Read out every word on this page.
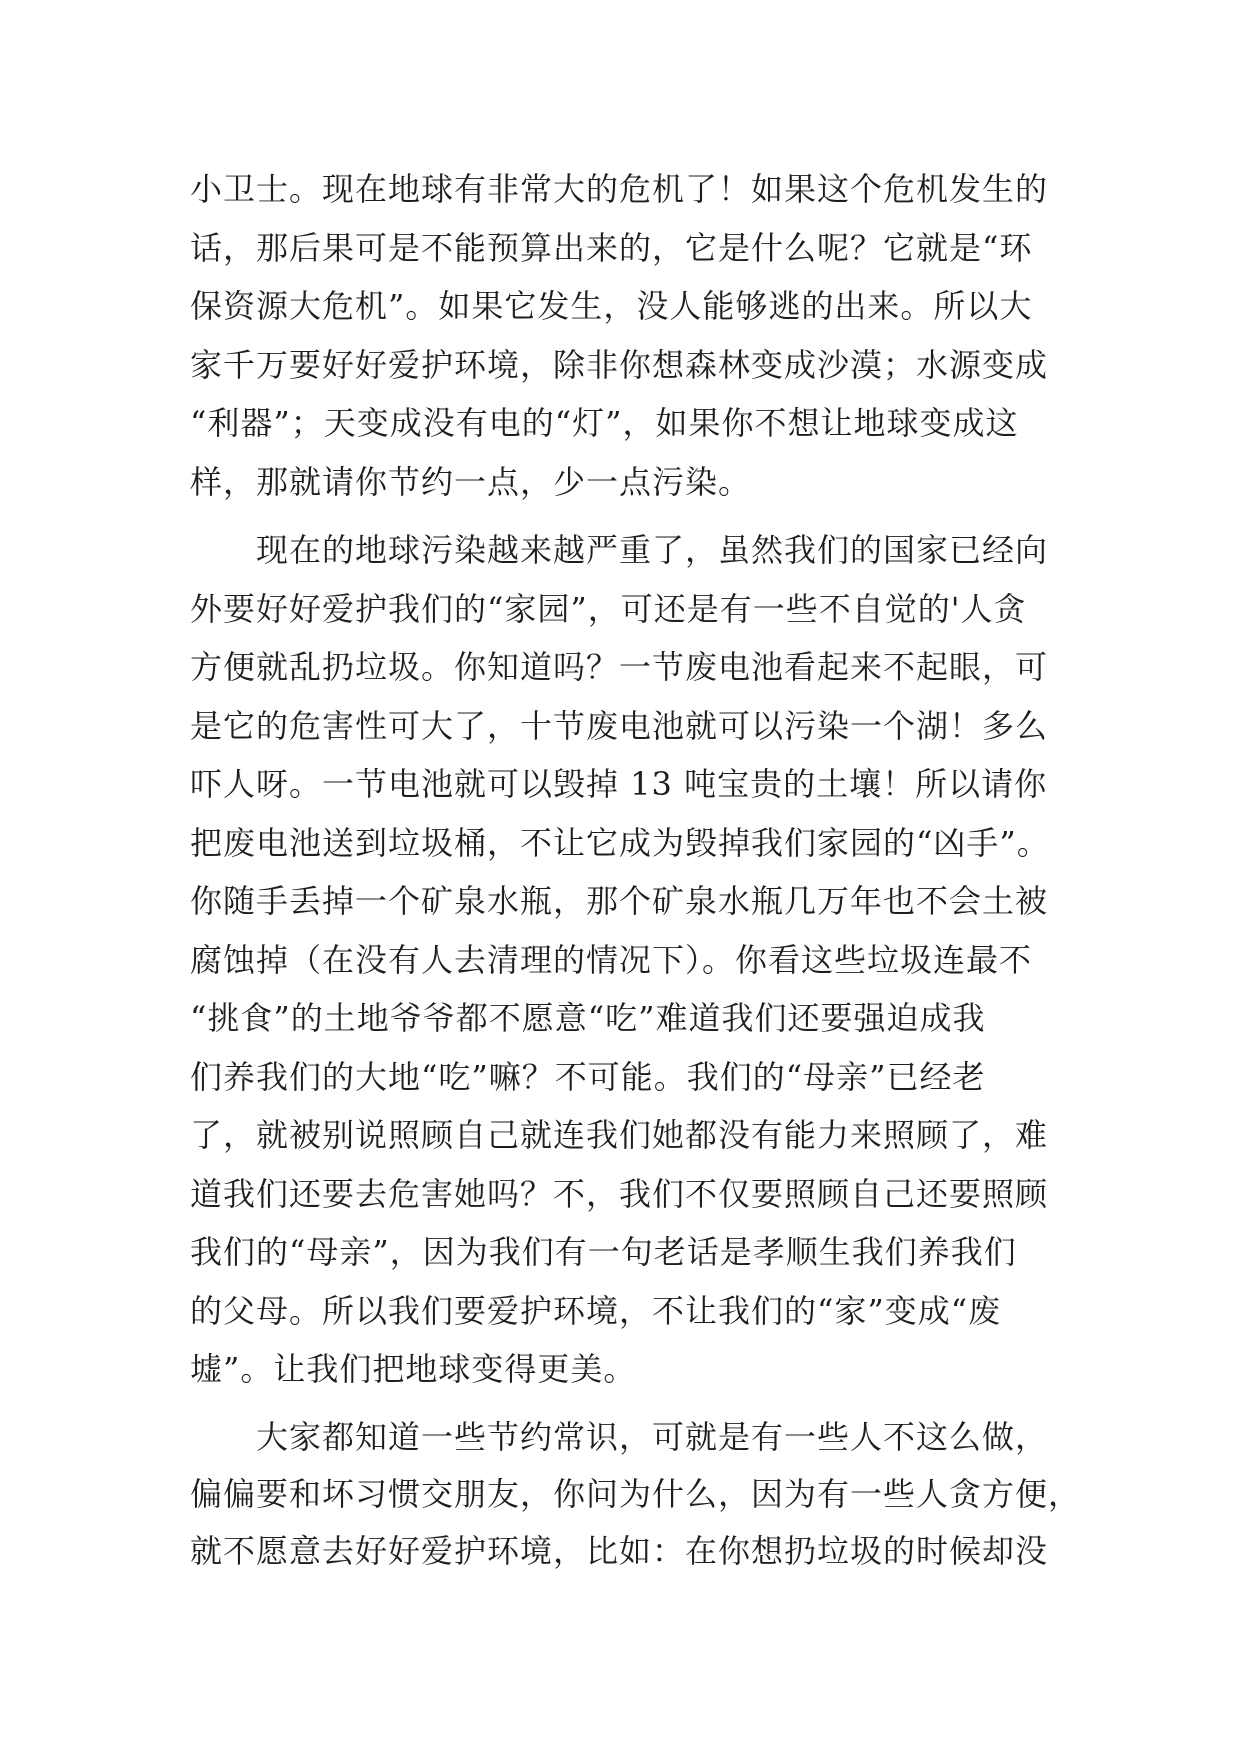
小卫士。现在地球有非常大的危机了！如果这个危机发生的
话，那后果可是不能预算出来的，它是什么呢？它就是“环
保资源大危机”。如果它发生，没人能够逃的出来。所以大
家千万要好好爱护环境，除非你想森林变成沙漠；水源变成
“利器”；天变成没有电的“灯”，如果你不想让地球变成这
样，那就请你节约一点，少一点污染。
现在的地球污染越来越严重了，虽然我们的国家已经向
外要好好爱护我们的“家园”，可还是有一些不自觉的'人贪
方便就乱扔垃圾。你知道吗？一节废电池看起来不起眼，可
是它的危害性可大了，十节废电池就可以污染一个湖！多么
吓人呀。一节电池就可以毁掉 13 吨宝贵的土壤！所以请你
把废电池送到垃圾桶，不让它成为毁掉我们家园的“凶手”。
你随手丢掉一个矿泉水瓶，那个矿泉水瓶几万年也不会土被
腐蚀掉（在没有人去清理的情况下）。你看这些垃圾连最不
“挑食”的土地爷爷都不愿意“吃”难道我们还要强迫成我
们养我们的大地“吃”嘛？不可能。我们的“母亲”已经老
了，就被别说照顾自己就连我们她都没有能力来照顾了，难
道我们还要去危害她吗？不，我们不仅要照顾自己还要照顾
我们的“母亲”，因为我们有一句老话是孝顺生我们养我们
的父母。所以我们要爱护环境，不让我们的“家”变成“废
墟”。让我们把地球变得更美。
大家都知道一些节约常识，可就是有一些人不这么做，
偏偏要和坏习惯交朋友，你问为什么，因为有一些人贪方便，
就不愿意去好好爱护环境，比如：在你想扔垃圾的时候却没
